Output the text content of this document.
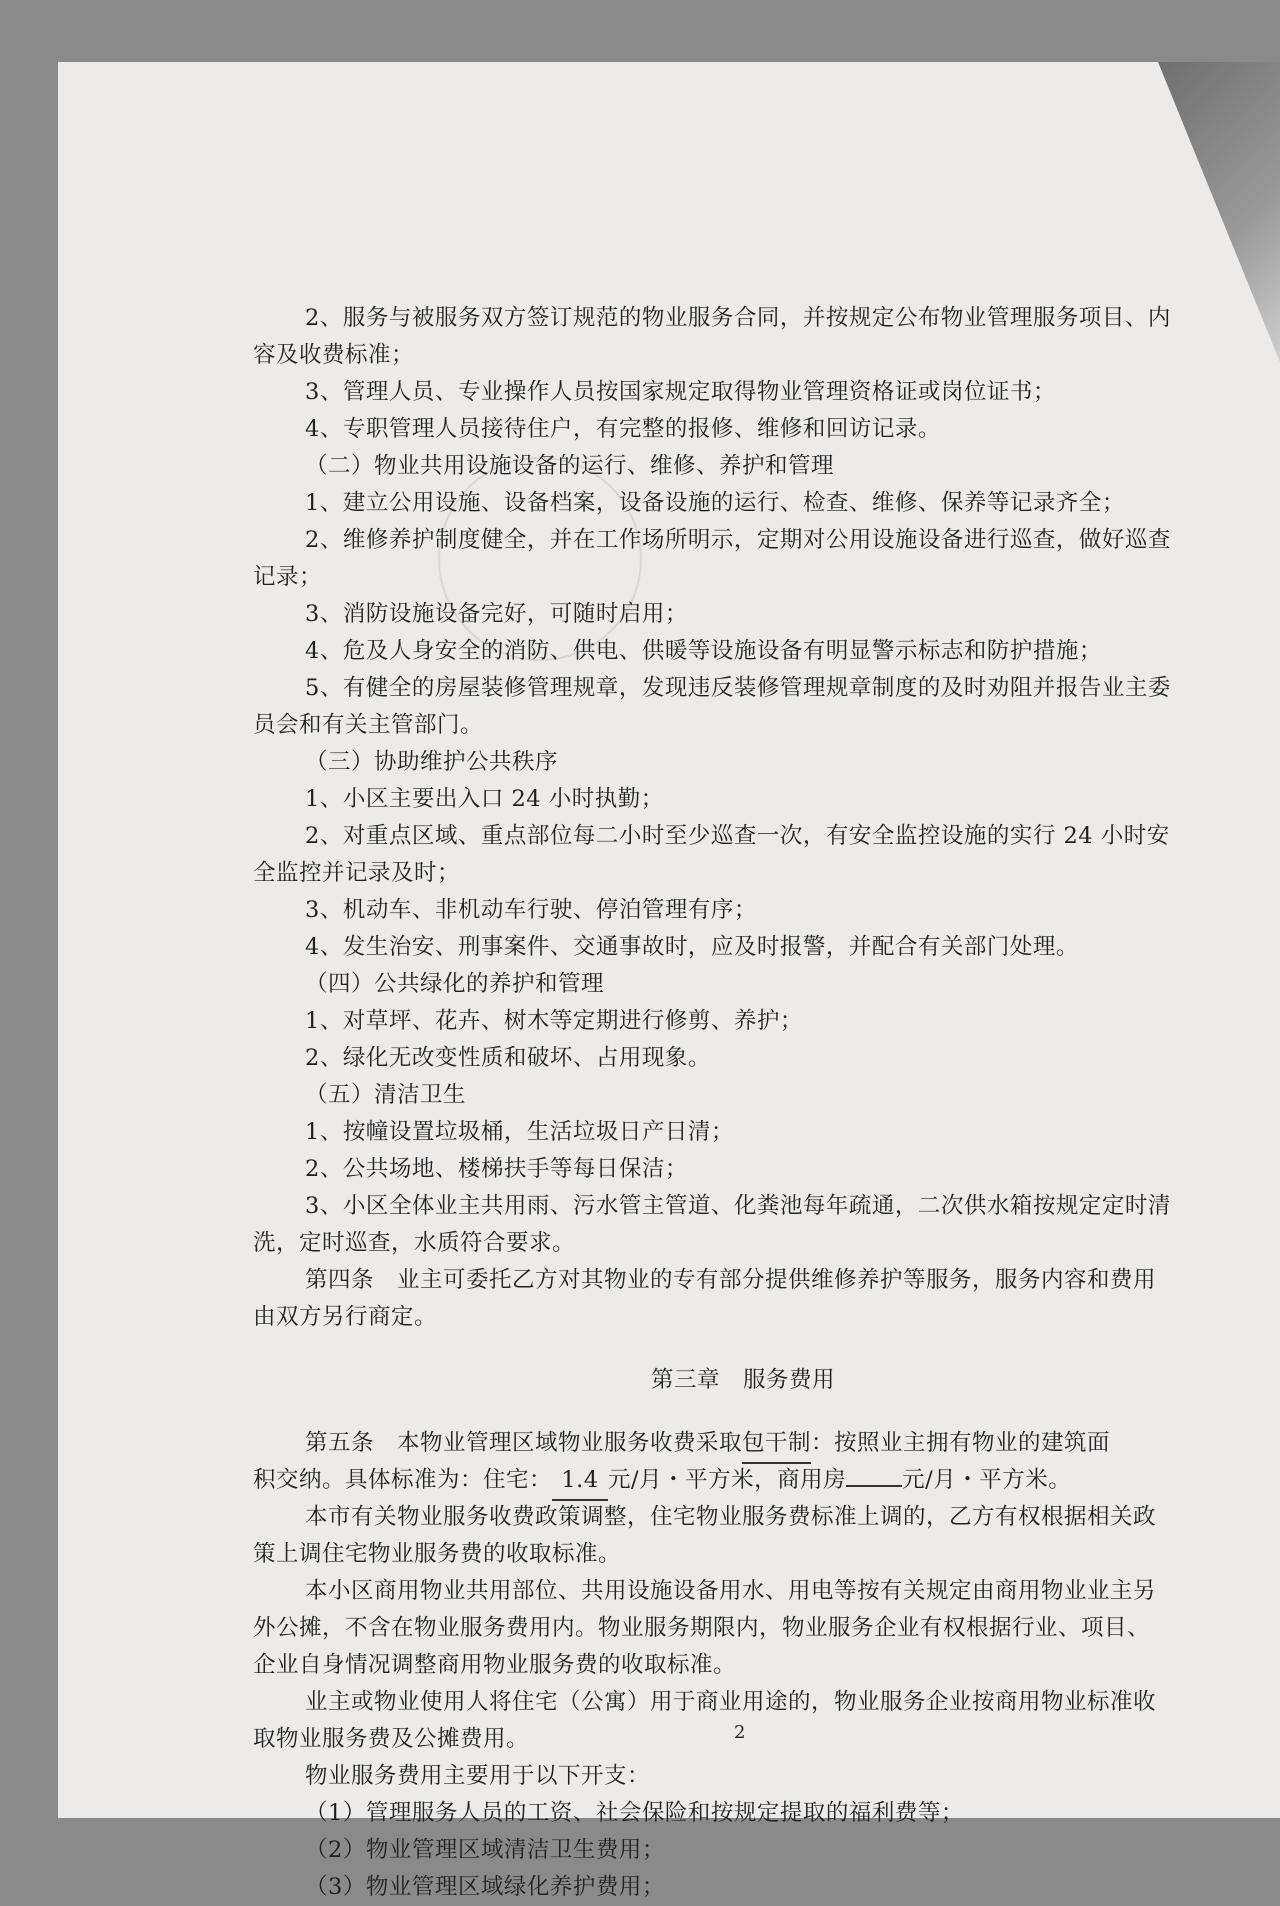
2、服务与被服务双方签订规范的物业服务合同，并按规定公布物业管理服务项目、内
容及收费标准；
3、管理人员、专业操作人员按国家规定取得物业管理资格证或岗位证书；
4、专职管理人员接待住户，有完整的报修、维修和回访记录。
（二）物业共用设施设备的运行、维修、养护和管理
1、建立公用设施、设备档案，设备设施的运行、检查、维修、保养等记录齐全；
2、维修养护制度健全，并在工作场所明示，定期对公用设施设备进行巡查，做好巡查
记录；
3、消防设施设备完好，可随时启用；
4、危及人身安全的消防、供电、供暖等设施设备有明显警示标志和防护措施；
5、有健全的房屋装修管理规章，发现违反装修管理规章制度的及时劝阻并报告业主委
员会和有关主管部门。
（三）协助维护公共秩序
1、小区主要出入口 24 小时执勤；
2、对重点区域、重点部位每二小时至少巡查一次，有安全监控设施的实行 24 小时安
全监控并记录及时；
3、机动车、非机动车行驶、停泊管理有序；
4、发生治安、刑事案件、交通事故时，应及时报警，并配合有关部门处理。
（四）公共绿化的养护和管理
1、对草坪、花卉、树木等定期进行修剪、养护；
2、绿化无改变性质和破坏、占用现象。
（五）清洁卫生
1、按幢设置垃圾桶，生活垃圾日产日清；
2、公共场地、楼梯扶手等每日保洁；
3、小区全体业主共用雨、污水管主管道、化粪池每年疏通，二次供水箱按规定定时清
洗，定时巡查，水质符合要求。
第四条　业主可委托乙方对其物业的专有部分提供维修养护等服务，服务内容和费用
由双方另行商定。
第三章　服务费用
第五条　本物业管理区域物业服务收费采取包干制：按照业主拥有物业的建筑面
积交纳。具体标准为：住宅： 1.4 元/月・平方米，商用房 元/月・平方米。
本市有关物业服务收费政策调整，住宅物业服务费标准上调的，乙方有权根据相关政
策上调住宅物业服务费的收取标准。
本小区商用物业共用部位、共用设施设备用水、用电等按有关规定由商用物业业主另
外公摊，不含在物业服务费用内。物业服务期限内，物业服务企业有权根据行业、项目、
企业自身情况调整商用物业服务费的收取标准。
业主或物业使用人将住宅（公寓）用于商业用途的，物业服务企业按商用物业标准收
取物业服务费及公摊费用。
物业服务费用主要用于以下开支：
（1）管理服务人员的工资、社会保险和按规定提取的福利费等；
（2）物业管理区域清洁卫生费用；
（3）物业管理区域绿化养护费用；
2
